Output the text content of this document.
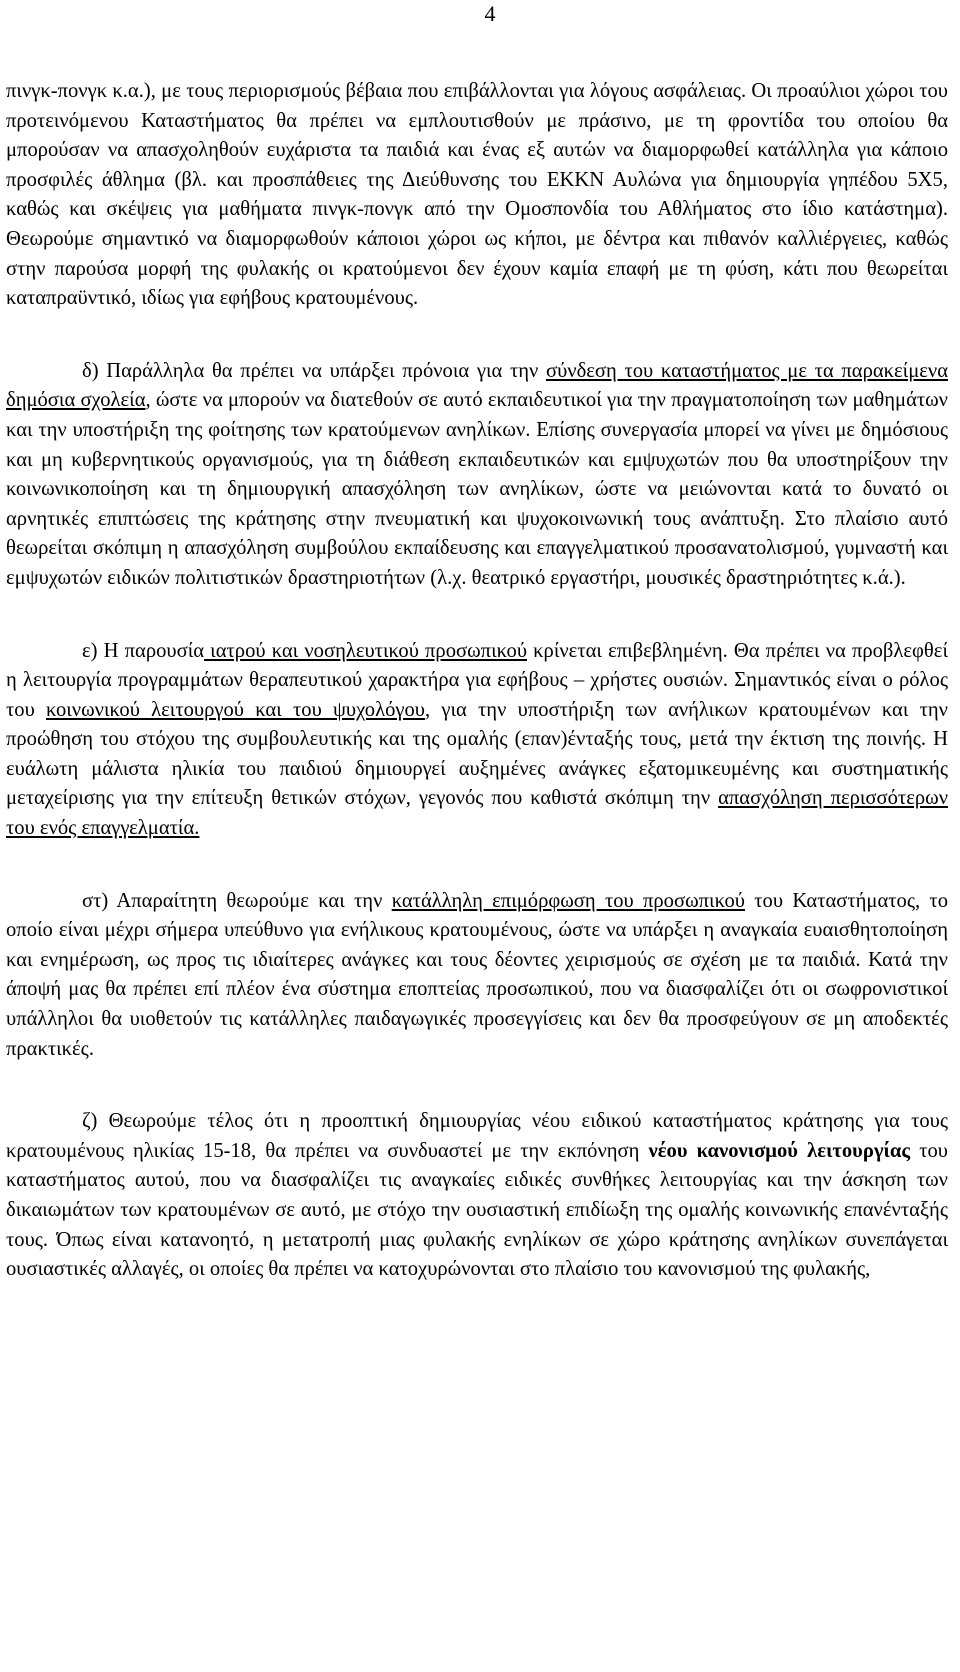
4

πινγκ-πονγκ κ.α.), με τους περιορισμούς βέβαια που επιβάλλονται για λόγους ασφάλειας. Οι προαύλιοι χώροι του προτεινόμενου Καταστήματος θα πρέπει να εμπλουτισθούν με πράσινο, με τη φροντίδα του οποίου θα μπορούσαν να απασχοληθούν ευχάριστα τα παιδιά και ένας εξ αυτών να διαμορφωθεί κατάλληλα για κάποιο προσφιλές άθλημα (βλ. και προσπάθειες της Διεύθυνσης του ΕΚΚΝ Αυλώνα για δημιουργία γηπέδου 5Χ5, καθώς και σκέψεις για μαθήματα πινγκ-πονγκ από την Ομοσπονδία του Αθλήματος στο ίδιο κατάστημα). Θεωρούμε σημαντικό να διαμορφωθούν κάποιοι χώροι ως κήποι, με δέντρα και πιθανόν καλλιέργειες, καθώς στην παρούσα μορφή της φυλακής οι κρατούμενοι δεν έχουν καμία επαφή με τη φύση, κάτι που θεωρείται καταπραϋντικό, ιδίως για εφήβους κρατουμένους.

δ) Παράλληλα θα πρέπει να υπάρξει πρόνοια για την σύνδεση του καταστήματος με τα παρακείμενα δημόσια σχολεία, ώστε να μπορούν να διατεθούν σε αυτό εκπαιδευτικοί για την πραγματοποίηση των μαθημάτων και την υποστήριξη της φοίτησης των κρατούμενων ανηλίκων. Επίσης συνεργασία μπορεί να γίνει με δημόσιους και μη κυβερνητικούς οργανισμούς, για τη διάθεση εκπαιδευτικών και εμψυχωτών που θα υποστηρίξουν την κοινωνικοποίηση και τη δημιουργική απασχόληση των ανηλίκων, ώστε να μειώνονται κατά το δυνατό οι αρνητικές επιπτώσεις της κράτησης στην πνευματική και ψυχοκοινωνική τους ανάπτυξη. Στο πλαίσιο αυτό θεωρείται σκόπιμη η απασχόληση συμβούλου εκπαίδευσης και επαγγελματικού προσανατολισμού, γυμναστή και εμψυχωτών ειδικών πολιτιστικών δραστηριοτήτων (λ.χ. θεατρικό εργαστήρι, μουσικές δραστηριότητες κ.ά.).

ε) Η παρουσία ιατρού και νοσηλευτικού προσωπικού κρίνεται επιβεβλημένη. Θα πρέπει να προβλεφθεί η λειτουργία προγραμμάτων θεραπευτικού χαρακτήρα για εφήβους – χρήστες ουσιών. Σημαντικός είναι ο ρόλος του κοινωνικού λειτουργού και του ψυχολόγου, για την υποστήριξη των ανήλικων κρατουμένων και την προώθηση του στόχου της συμβουλευτικής και της ομαλής (επαν)ένταξής τους, μετά την έκτιση της ποινής. Η ευάλωτη μάλιστα ηλικία του παιδιού δημιουργεί αυξημένες ανάγκες εξατομικευμένης και συστηματικής μεταχείρισης για την επίτευξη θετικών στόχων, γεγονός που καθιστά σκόπιμη την απασχόληση περισσότερων του ενός επαγγελματία.

στ) Απαραίτητη θεωρούμε και την κατάλληλη επιμόρφωση του προσωπικού του Καταστήματος, το οποίο είναι μέχρι σήμερα υπεύθυνο για ενήλικους κρατουμένους, ώστε να υπάρξει η αναγκαία ευαισθητοποίηση και ενημέρωση, ως προς τις ιδιαίτερες ανάγκες και τους δέοντες χειρισμούς σε σχέση με τα παιδιά. Κατά την άποψή μας θα πρέπει επί πλέον ένα σύστημα εποπτείας προσωπικού, που να διασφαλίζει ότι οι σωφρονιστικοί υπάλληλοι θα υιοθετούν τις κατάλληλες παιδαγωγικές προσεγγίσεις και δεν θα προσφεύγουν σε μη αποδεκτές πρακτικές.

ζ) Θεωρούμε τέλος ότι η προοπτική δημιουργίας νέου ειδικού καταστήματος κράτησης για τους κρατουμένους ηλικίας 15-18, θα πρέπει να συνδυαστεί με την εκπόνηση νέου κανονισμού λειτουργίας του καταστήματος αυτού, που να διασφαλίζει τις αναγκαίες ειδικές συνθήκες λειτουργίας και την άσκηση των δικαιωμάτων των κρατουμένων σε αυτό, με στόχο την ουσιαστική επιδίωξη της ομαλής κοινωνικής επανένταξής τους. Όπως είναι κατανοητό, η μετατροπή μιας φυλακής ενηλίκων σε χώρο κράτησης ανηλίκων συνεπάγεται ουσιαστικές αλλαγές, οι οποίες θα πρέπει να κατοχυρώνονται στο πλαίσιο του κανονισμού της φυλακής,
